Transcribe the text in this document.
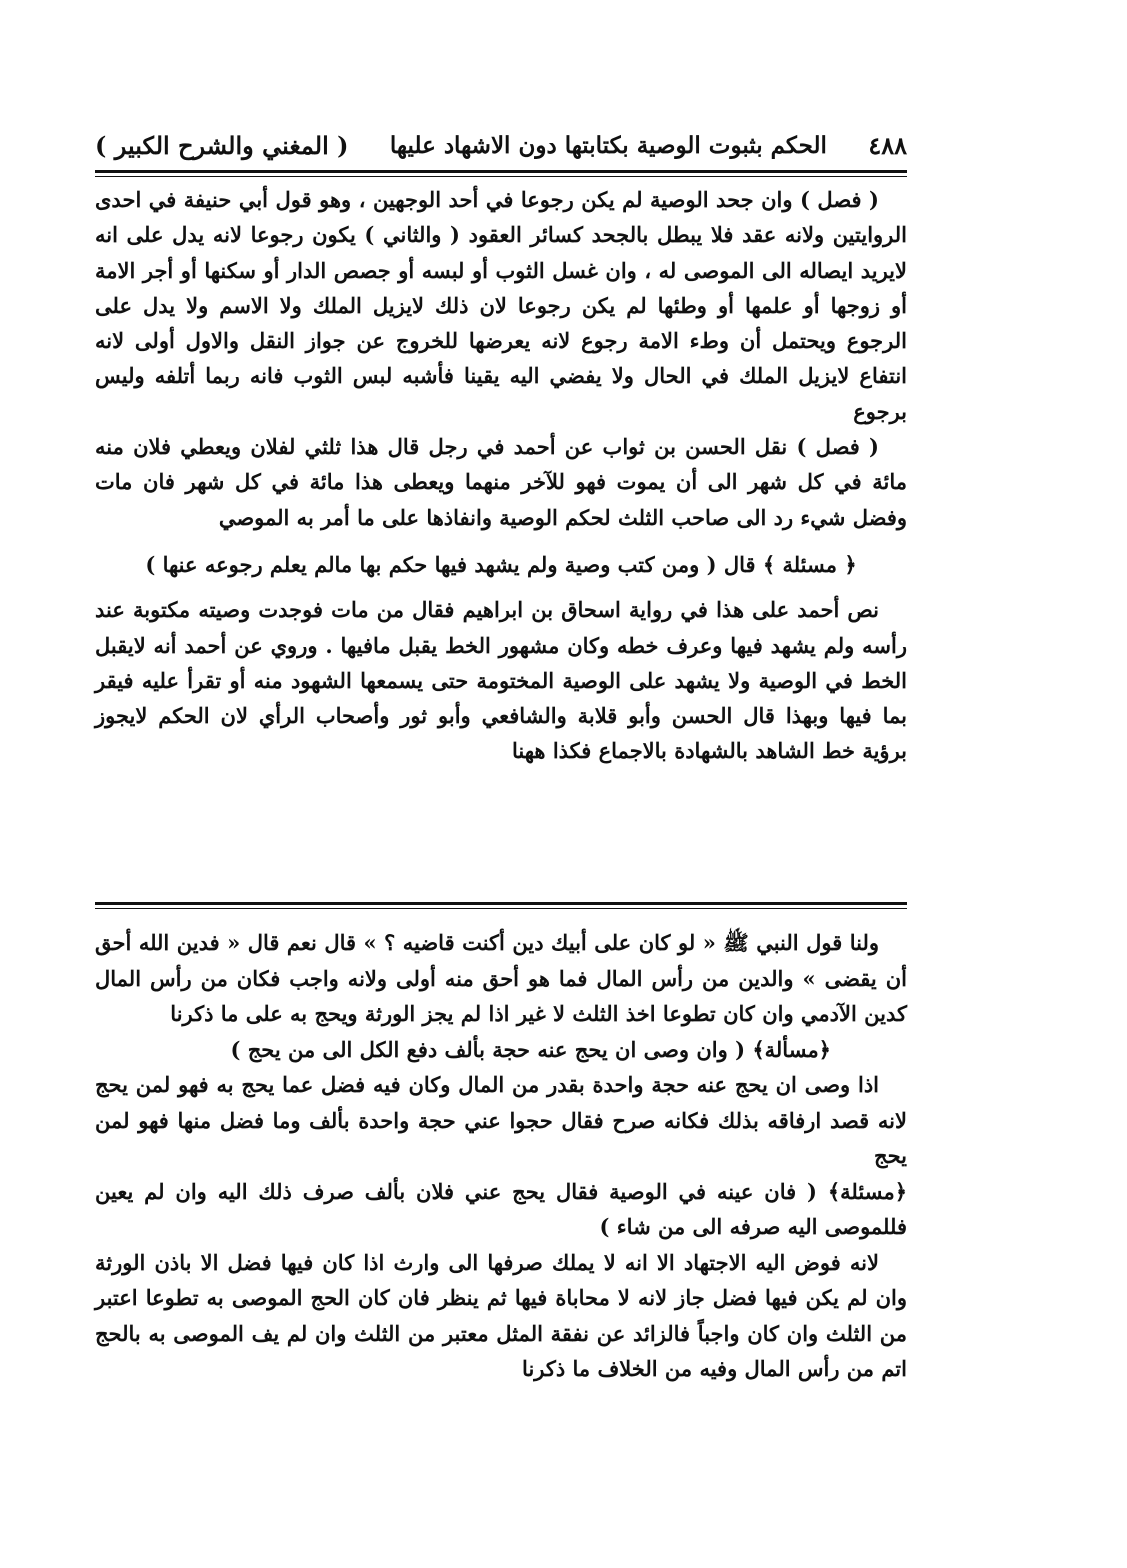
٤٨٨
الحكم بثبوت الوصية بكتابتها دون الاشهاد عليها
( المغني والشرح الكبير )

( فصل ) وان جحد الوصية لم يكن رجوعا في أحد الوجهين ، وهو قول أبي حنيفة في احدى الروايتين ولانه عقد فلا يبطل بالجحد كسائر العقود ( والثاني ) يكون رجوعا لانه يدل على انه لايريد ايصاله الى الموصى له ، وان غسل الثوب أو لبسه أو جصص الدار أو سكنها أو أجر الامة أو زوجها أو علمها أو وطئها لم يكن رجوعا لان ذلك لايزيل الملك ولا الاسم ولا يدل على الرجوع ويحتمل أن وطء الامة رجوع لانه يعرضها للخروج عن جواز النقل والاول أولى لانه انتفاع لايزيل الملك في الحال ولا يفضي اليه يقينا فأشبه لبس الثوب فانه ربما أتلفه وليس برجوع

( فصل ) نقل الحسن بن ثواب عن أحمد في رجل قال هذا ثلثي لفلان ويعطي فلان منه مائة في كل شهر الى أن يموت فهو للآخر منهما ويعطى هذا مائة في كل شهر فان مات وفضل شيء رد الى صاحب الثلث لحكم الوصية وانفاذها على ما أمر به الموصي

﴿ مسئلة ﴾ قال ( ومن كتب وصية ولم يشهد فيها حكم بها مالم يعلم رجوعه عنها )

نص أحمد على هذا في رواية اسحاق بن ابراهيم فقال من مات فوجدت وصيته مكتوبة عند رأسه ولم يشهد فيها وعرف خطه وكان مشهور الخط يقبل مافيها . وروي عن أحمد أنه لايقبل الخط في الوصية ولا يشهد على الوصية المختومة حتى يسمعها الشهود منه أو تقرأ عليه فيقر بما فيها وبهذا قال الحسن وأبو قلابة والشافعي وأبو ثور وأصحاب الرأي لان الحكم لايجوز برؤية خط الشاهد بالشهادة بالاجماع فكذا ههنا

ولنا قول النبي ﷺ « لو كان على أبيك دين أكنت قاضيه ؟ » قال نعم قال « فدين الله أحق أن يقضى » والدين من رأس المال فما هو أحق منه أولى ولانه واجب فكان من رأس المال كدين الآدمي وان كان تطوعا اخذ الثلث لا غير اذا لم يجز الورثة ويحج به على ما ذكرنا

﴿مسألة﴾ ( وان وصى ان يحج عنه حجة بألف دفع الكل الى من يحج )

اذا وصى ان يحج عنه حجة واحدة بقدر من المال وكان فيه فضل عما يحج به فهو لمن يحج لانه قصد ارفاقه بذلك فكانه صرح فقال حجوا عني حجة واحدة بألف وما فضل منها فهو لمن يحج

﴿مسئلة﴾ ( فان عينه في الوصية فقال يحج عني فلان بألف صرف ذلك اليه وان لم يعين فللموصى اليه صرفه الى من شاء )

لانه فوض اليه الاجتهاد الا انه لا يملك صرفها الى وارث اذا كان فيها فضل الا باذن الورثة وان لم يكن فيها فضل جاز لانه لا محاباة فيها ثم ينظر فان كان الحج الموصى به تطوعا اعتبر من الثلث وان كان واجباً فالزائد عن نفقة المثل معتبر من الثلث وان لم يف الموصى به بالحج اتم من رأس المال وفيه من الخلاف ما ذكرنا
